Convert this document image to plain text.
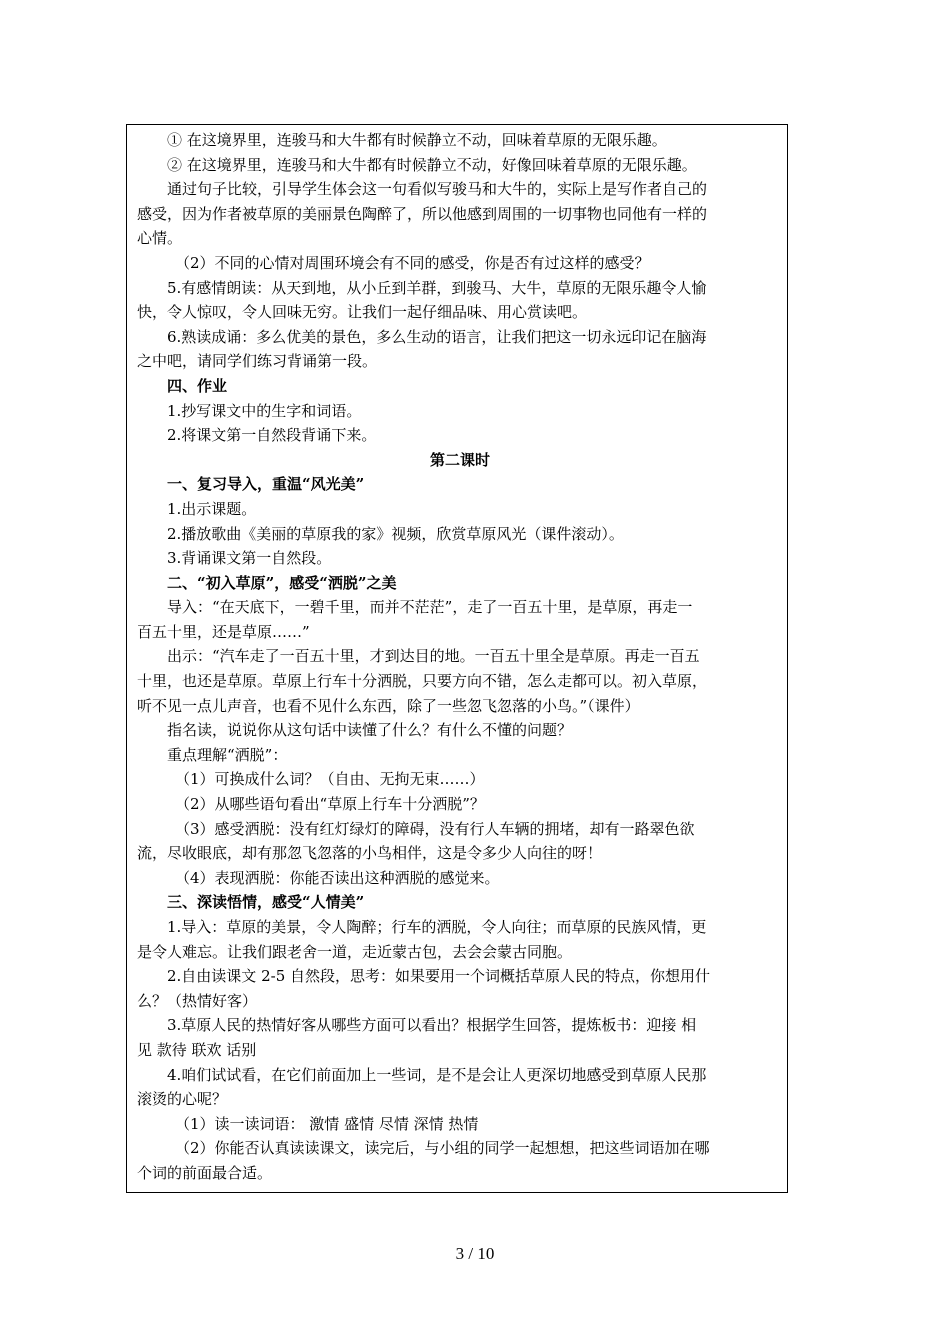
① 在这境界里，连骏马和大牛都有时候静立不动，回味着草原的无限乐趣。
② 在这境界里，连骏马和大牛都有时候静立不动，好像回味着草原的无限乐趣。
通过句子比较，引导学生体会这一句看似写骏马和大牛的，实际上是写作者自己的
感受，因为作者被草原的美丽景色陶醉了，所以他感到周围的一切事物也同他有一样的
心情。
（2）不同的心情对周围环境会有不同的感受，你是否有过这样的感受？
5.有感情朗读：从天到地，从小丘到羊群，到骏马、大牛，草原的无限乐趣令人愉
快，令人惊叹，令人回味无穷。让我们一起仔细品味、用心赏读吧。
6.熟读成诵：多么优美的景色，多么生动的语言，让我们把这一切永远印记在脑海
之中吧，请同学们练习背诵第一段。
四、作业
1.抄写课文中的生字和词语。
2.将课文第一自然段背诵下来。
第二课时
一、复习导入，重温“风光美”
1.出示课题。
2.播放歌曲《美丽的草原我的家》视频，欣赏草原风光（课件滚动）。
3.背诵课文第一自然段。
二、“初入草原”，感受“洒脱”之美
导入：“在天底下，一碧千里，而并不茫茫”，走了一百五十里，是草原，再走一
百五十里，还是草原……”
出示：“汽车走了一百五十里，才到达目的地。一百五十里全是草原。再走一百五
十里，也还是草原。草原上行车十分洒脱，只要方向不错，怎么走都可以。初入草原，
听不见一点儿声音，也看不见什么东西，除了一些忽飞忽落的小鸟。”（课件）
指名读，说说你从这句话中读懂了什么？有什么不懂的问题？
重点理解“洒脱”：
（1）可换成什么词？（自由、无拘无束……）
（2）从哪些语句看出“草原上行车十分洒脱”？
（3）感受洒脱：没有红灯绿灯的障碍，没有行人车辆的拥堵，却有一路翠色欲
流，尽收眼底，却有那忽飞忽落的小鸟相伴，这是令多少人向往的呀！
（4）表现洒脱：你能否读出这种洒脱的感觉来。
三、深读悟情，感受“人情美”
1.导入：草原的美景，令人陶醉；行车的洒脱，令人向往；而草原的民族风情，更
是令人难忘。让我们跟老舍一道，走近蒙古包，去会会蒙古同胞。
2.自由读课文 2-5 自然段，思考：如果要用一个词概括草原人民的特点，你想用什
么？（热情好客）
3.草原人民的热情好客从哪些方面可以看出？根据学生回答，提炼板书：迎接 相
见 款待 联欢 话别
4.咱们试试看，在它们前面加上一些词，是不是会让人更深切地感受到草原人民那
滚烫的心呢？
（1）读一读词语： 激情 盛情 尽情 深情 热情
（2）你能否认真读读课文，读完后，与小组的同学一起想想，把这些词语加在哪
个词的前面最合适。
3 / 10
